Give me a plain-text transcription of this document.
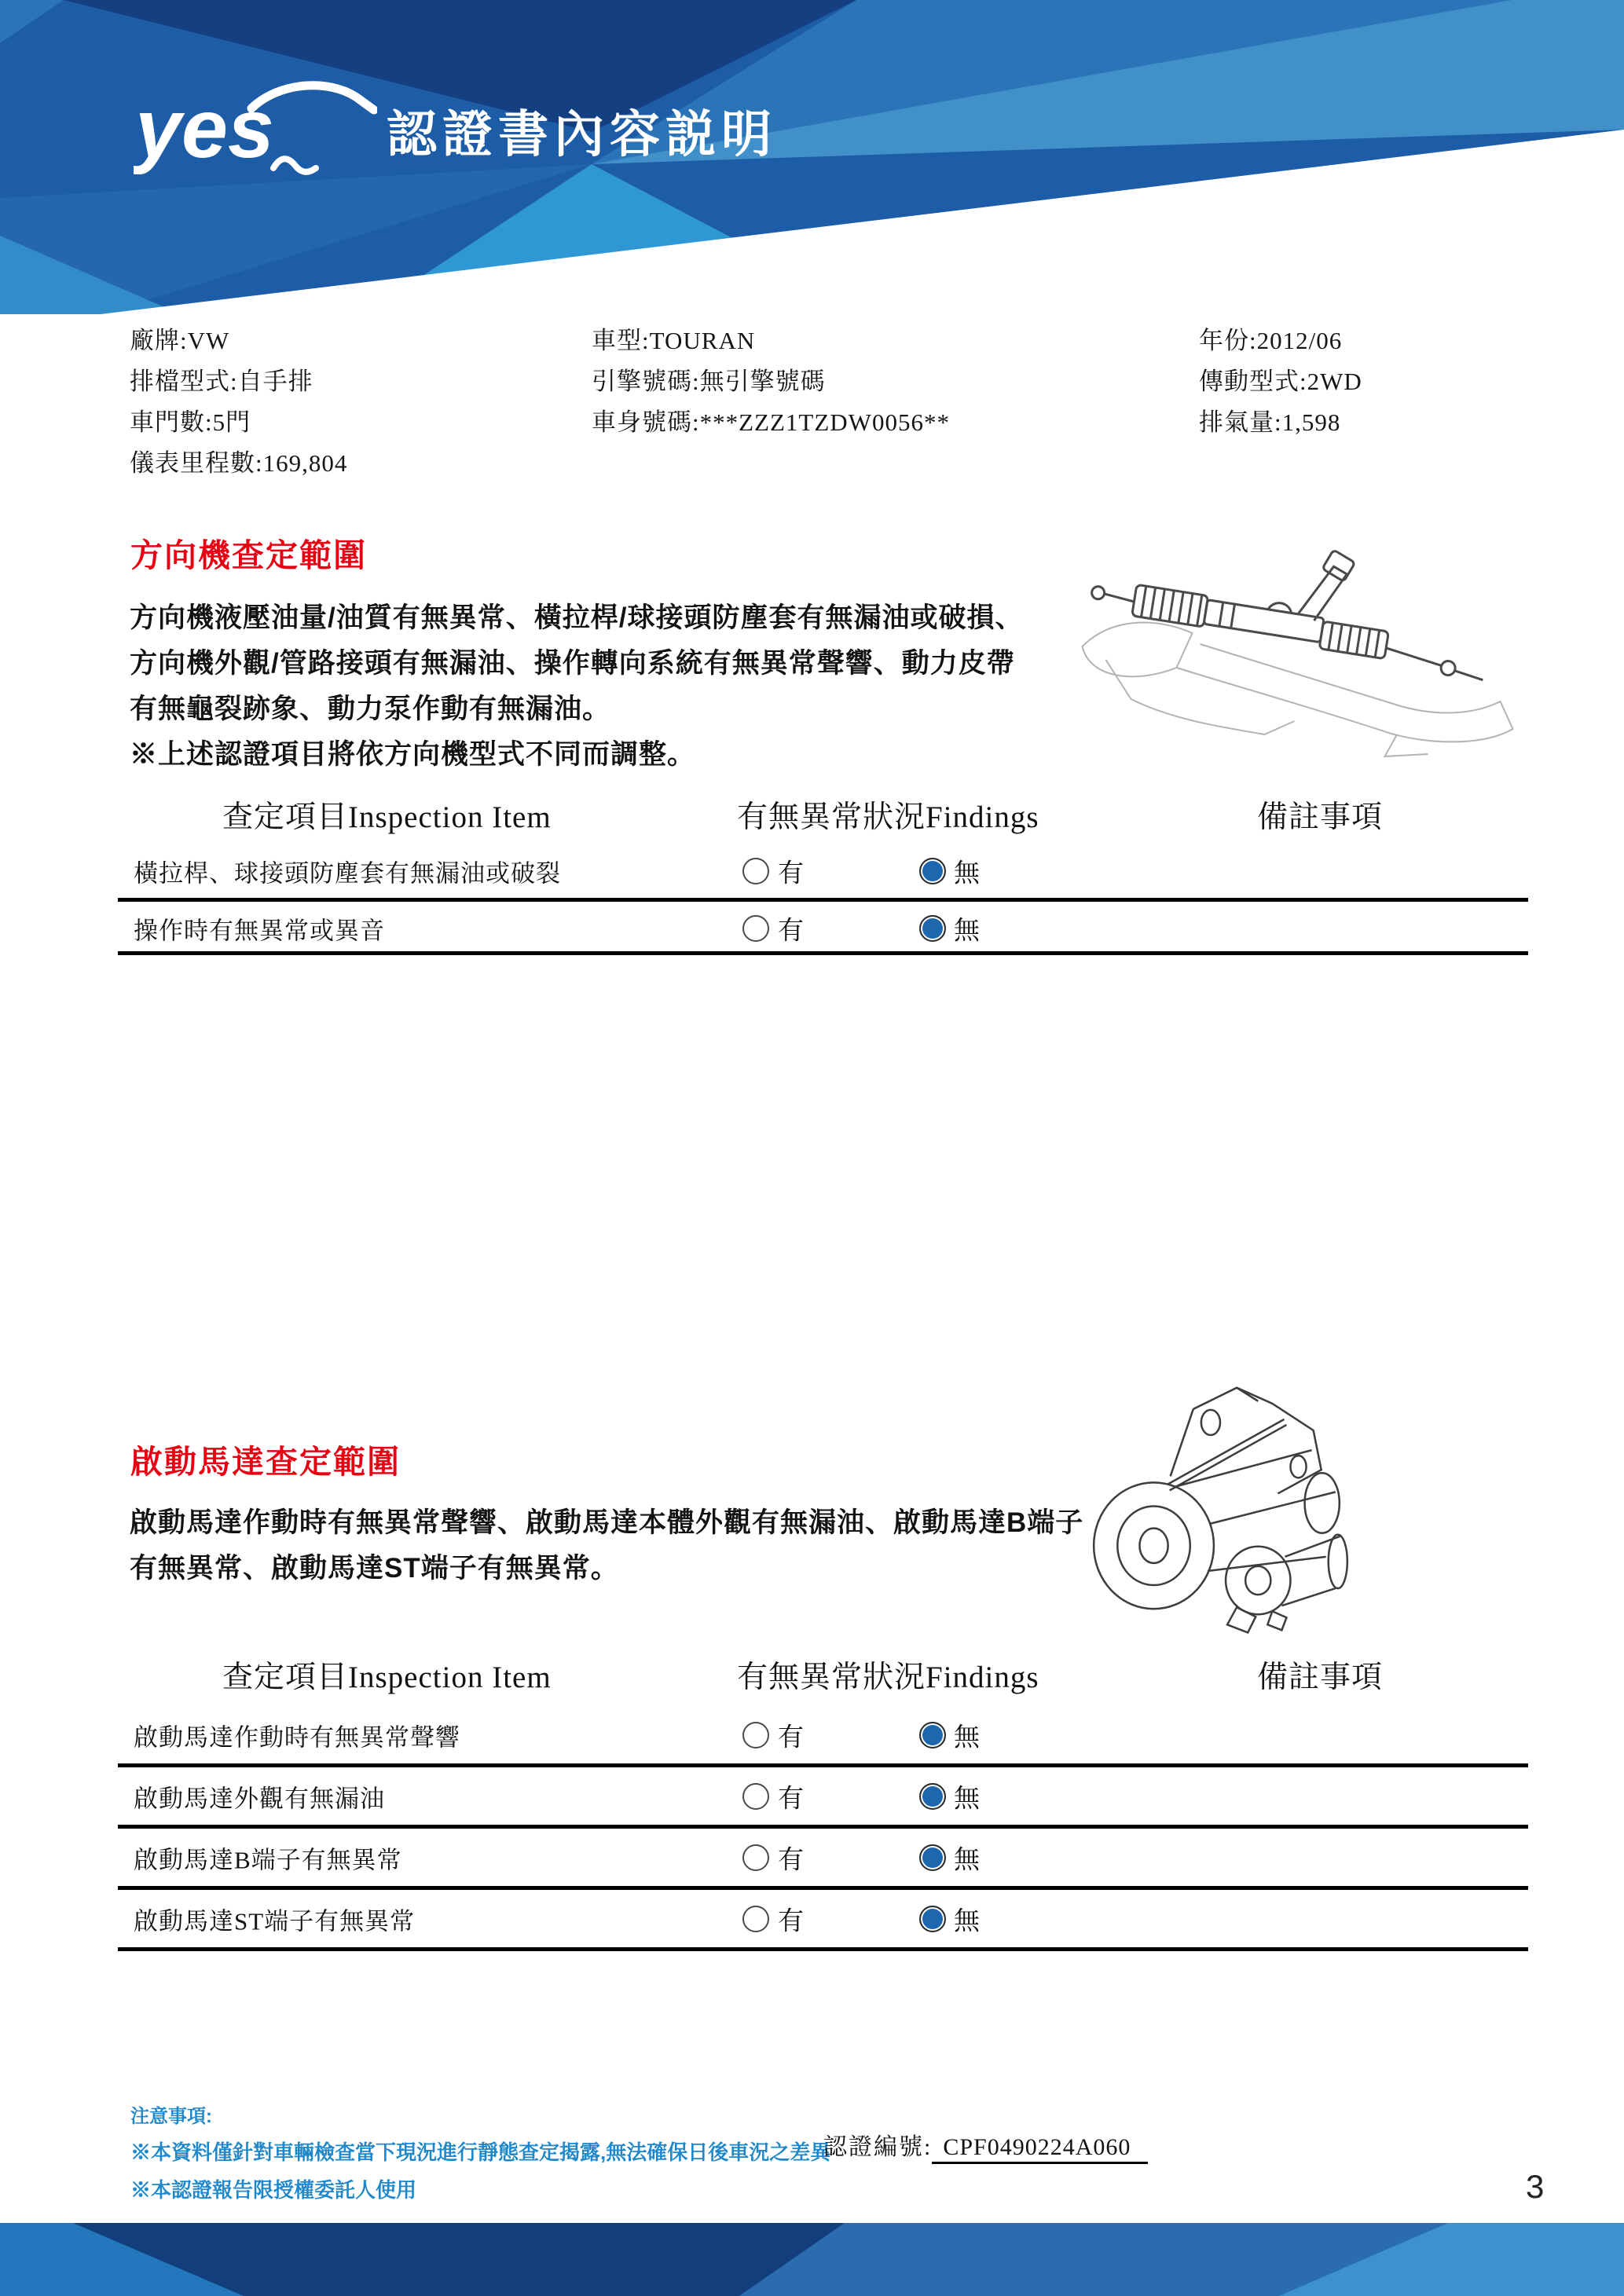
yes 認證書內容説明
廠牌:VW
排檔型式:自手排
車門數:5門
儀表里程數:169,804
車型:TOURAN
引擎號碼:無引擎號碼
車身號碼:***ZZZ1TZDW0056**
年份:2012/06
傳動型式:2WD
排氣量:1,598
方向機查定範圍
方向機液壓油量/油質有無異常、橫拉桿/球接頭防塵套有無漏油或破損、
方向機外觀/管路接頭有無漏油、操作轉向系統有無異常聲響、動力皮帶
有無龜裂跡象、動力泵作動有無漏油。
※上述認證項目將依方向機型式不同而調整。
查定項目Inspection Item	有無異常狀況Findings	備註事項
橫拉桿、球接頭防塵套有無漏油或破裂	有	無
操作時有無異常或異音	有	無
啟動馬達查定範圍
啟動馬達作動時有無異常聲響、啟動馬達本體外觀有無漏油、啟動馬達B端子
有無異常、啟動馬達ST端子有無異常。
查定項目Inspection Item	有無異常狀況Findings	備註事項
啟動馬達作動時有無異常聲響	有	無
啟動馬達外觀有無漏油	有	無
啟動馬達B端子有無異常	有	無
啟動馬達ST端子有無異常	有	無
注意事項:
※本資料僅針對車輛檢查當下現況進行靜態查定揭露,無法確保日後車況之差異
※本認證報告限授權委託人使用
認證編號: CPF0490224A060
3
